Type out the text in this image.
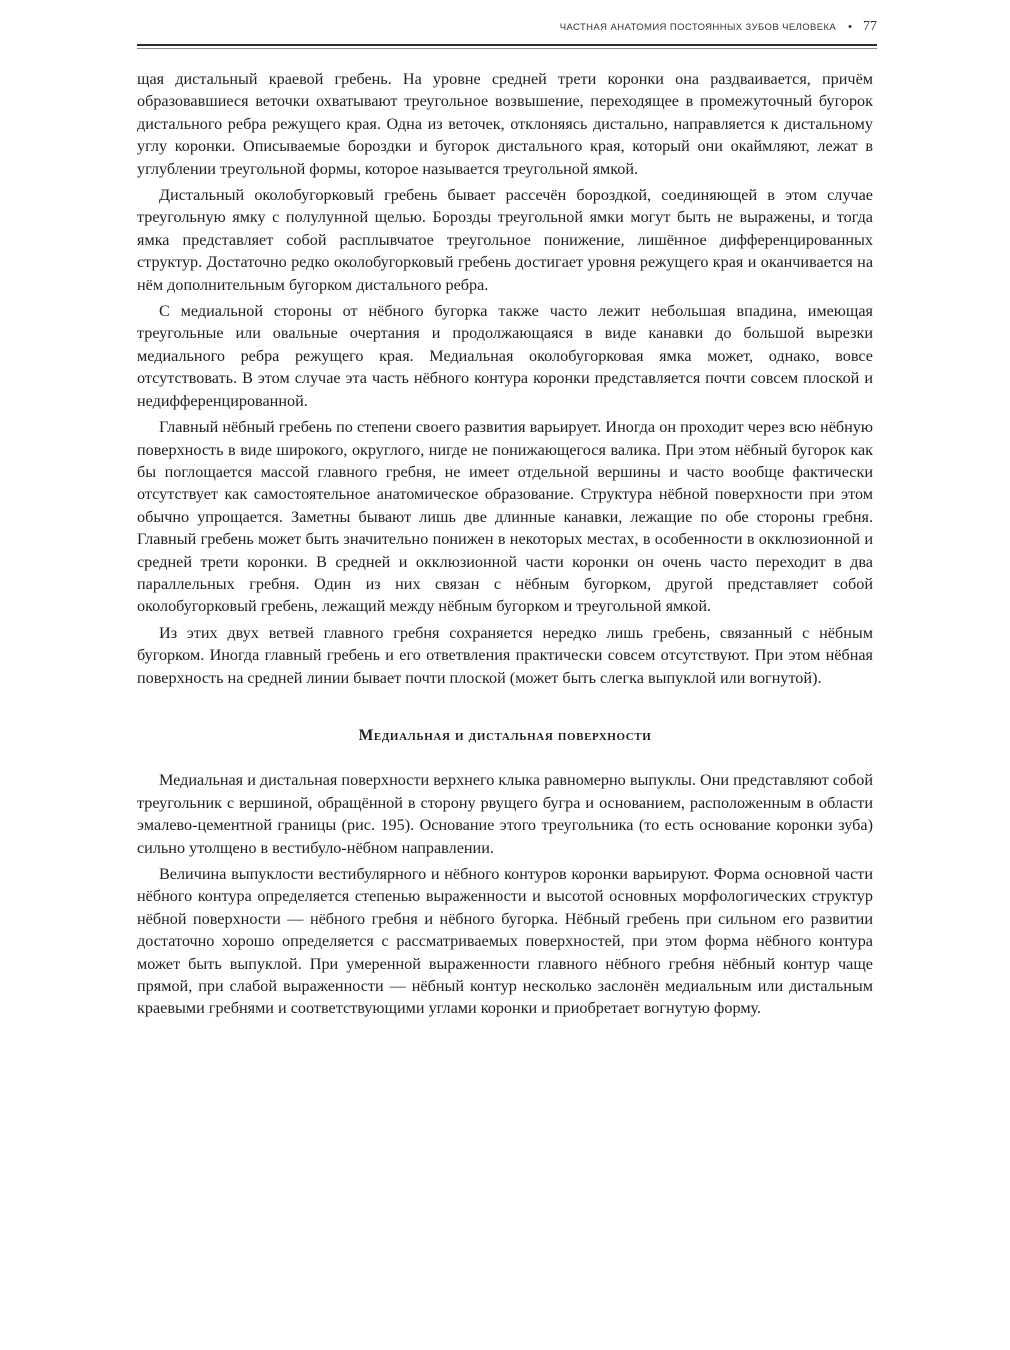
ЧАСТНАЯ АНАТОМИЯ ПОСТОЯННЫХ ЗУБОВ ЧЕЛОВЕКА • 77

щая дистальный краевой гребень. На уровне средней трети коронки она раздваивается, причём образовавшиеся веточки охватывают треугольное возвышение, переходящее в промежуточный бугорок дистального ребра режущего края. Одна из веточек, отклоняясь дистально, направляется к дистальному углу коронки. Описываемые бороздки и бугорок дистального края, который они окаймляют, лежат в углублении треугольной формы, которое называется треугольной ямкой.

Дистальный околобугорковый гребень бывает рассечён бороздкой, соединяющей в этом случае треугольную ямку с полулунной щелью. Борозды треугольной ямки могут быть не выражены, и тогда ямка представляет собой расплывчатое треугольное понижение, лишённое дифференцированных структур. Достаточно редко околобугорковый гребень достигает уровня режущего края и оканчивается на нём дополнительным бугорком дистального ребра.

С медиальной стороны от нёбного бугорка также часто лежит небольшая впадина, имеющая треугольные или овальные очертания и продолжающаяся в виде канавки до большой вырезки медиального ребра режущего края. Медиальная околобугорковая ямка может, однако, вовсе отсутствовать. В этом случае эта часть нёбного контура коронки представляется почти совсем плоской и недифференцированной.

Главный нёбный гребень по степени своего развития варьирует. Иногда он проходит через всю нёбную поверхность в виде широкого, округлого, нигде не понижающегося валика. При этом нёбный бугорок как бы поглощается массой главного гребня, не имеет отдельной вершины и часто вообще фактически отсутствует как самостоятельное анатомическое образование. Структура нёбной поверхности при этом обычно упрощается. Заметны бывают лишь две длинные канавки, лежащие по обе стороны гребня. Главный гребень может быть значительно понижен в некоторых местах, в особенности в окклюзионной и средней трети коронки. В средней и окклюзионной части коронки он очень часто переходит в два параллельных гребня. Один из них связан с нёбным бугорком, другой представляет собой околобугорковый гребень, лежащий между нёбным бугорком и треугольной ямкой.

Из этих двух ветвей главного гребня сохраняется нередко лишь гребень, связанный с нёбным бугорком. Иногда главный гребень и его ответвления практически совсем отсутствуют. При этом нёбная поверхность на средней линии бывает почти плоской (может быть слегка выпуклой или вогнутой).

Медиальная и дистальная поверхности

Медиальная и дистальная поверхности верхнего клыка равномерно выпуклы. Они представляют собой треугольник с вершиной, обращённой в сторону рвущего бугра и основанием, расположенным в области эмалево-цементной границы (рис. 195). Основание этого треугольника (то есть основание коронки зуба) сильно утолщено в вестибуло-нёбном направлении.

Величина выпуклости вестибулярного и нёбного контуров коронки варьируют. Форма основной части нёбного контура определяется степенью выраженности и высотой основных морфологических структур нёбной поверхности — нёбного гребня и нёбного бугорка. Нёбный гребень при сильном его развитии достаточно хорошо определяется с рассматриваемых поверхностей, при этом форма нёбного контура может быть выпуклой. При умеренной выраженности главного нёбного гребня нёбный контур чаще прямой, при слабой выраженности — нёбный контур несколько заслонён медиальным или дистальным краевыми гребнями и соответствующими углами коронки и приобретает вогнутую форму.
